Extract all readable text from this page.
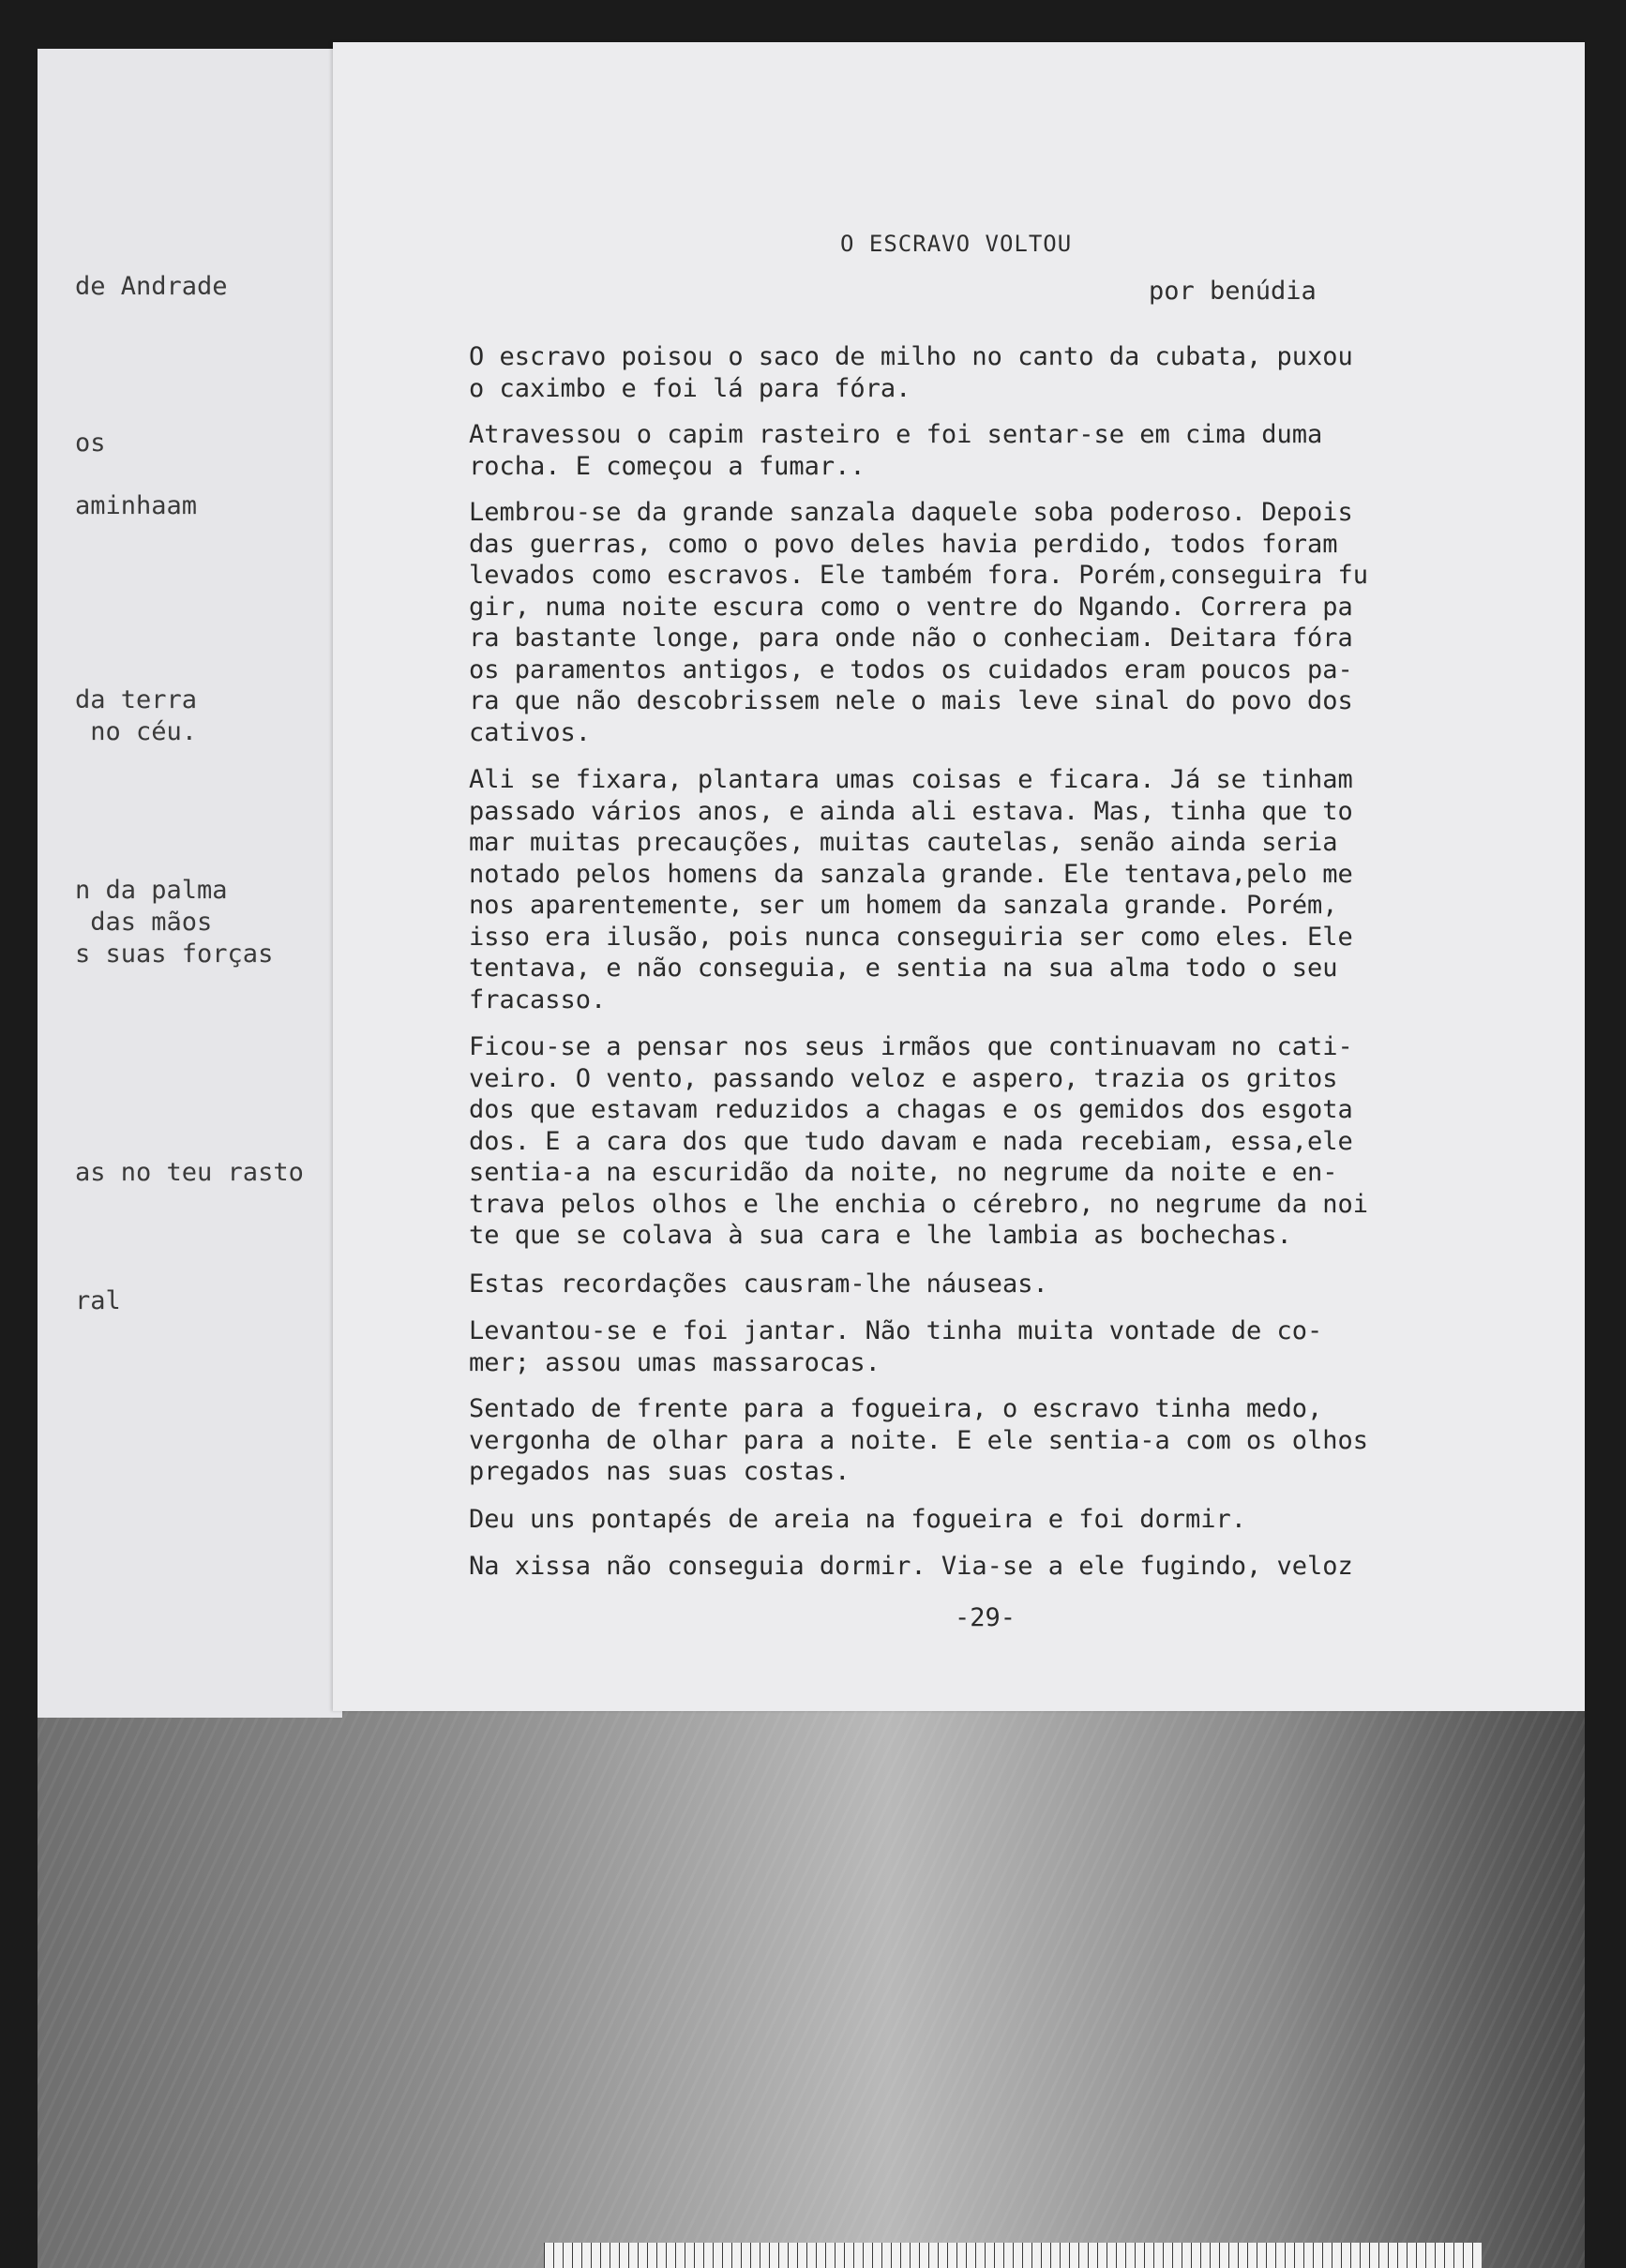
de Andrade

os

aminhaam

da terra

no céu.

n da palma

das mãos

s suas forças

as no teu rasto

ral

O ESCRAVO VOLTOU
por benúdia

O escravo poisou o saco de milho no canto da cubata, puxou
o caximbo e foi lá para fóra.

Atravessou o capim rasteiro e foi sentar-se em cima duma
rocha. E começou a fumar..

Lembrou-se da grande sanzala daquele soba poderoso. Depois
das guerras, como o povo deles havia perdido, todos foram
levados como escravos. Ele também fora. Porém,conseguira fu
gir, numa noite escura como o ventre do Ngando. Correra pa
ra bastante longe, para onde não o conheciam. Deitara fóra
os paramentos antigos, e todos os cuidados eram poucos pa-
ra que não descobrissem nele o mais leve sinal do povo dos
cativos.

Ali se fixara, plantara umas coisas e ficara. Já se tinham
passado vários anos, e ainda ali estava. Mas, tinha que to
mar muitas precauções, muitas cautelas, senão ainda seria
notado pelos homens da sanzala grande. Ele tentava,pelo me
nos aparentemente, ser um homem da sanzala grande. Porém,
isso era ilusão, pois nunca conseguiria ser como eles. Ele
tentava, e não conseguia, e sentia na sua alma todo o seu
fracasso.

Ficou-se a pensar nos seus irmãos que continuavam no cati-
veiro. O vento, passando veloz e aspero, trazia os gritos
dos que estavam reduzidos a chagas e os gemidos dos esgota
dos. E a cara dos que tudo davam e nada recebiam, essa,ele
sentia-a na escuridão da noite, no negrume da noite e en-
trava pelos olhos e lhe enchia o cérebro, no negrume da noi
te que se colava à sua cara e lhe lambia as bochechas.

Estas recordações causram-lhe náuseas.

Levantou-se e foi jantar. Não tinha muita vontade de co-
mer; assou umas massarocas.

Sentado de frente para a fogueira, o escravo tinha medo,
vergonha de olhar para a noite. E ele sentia-a com os olhos
pregados nas suas costas.

Deu uns pontapés de areia na fogueira e foi dormir.

Na xissa não conseguia dormir. Via-se a ele fugindo, veloz

-29-
